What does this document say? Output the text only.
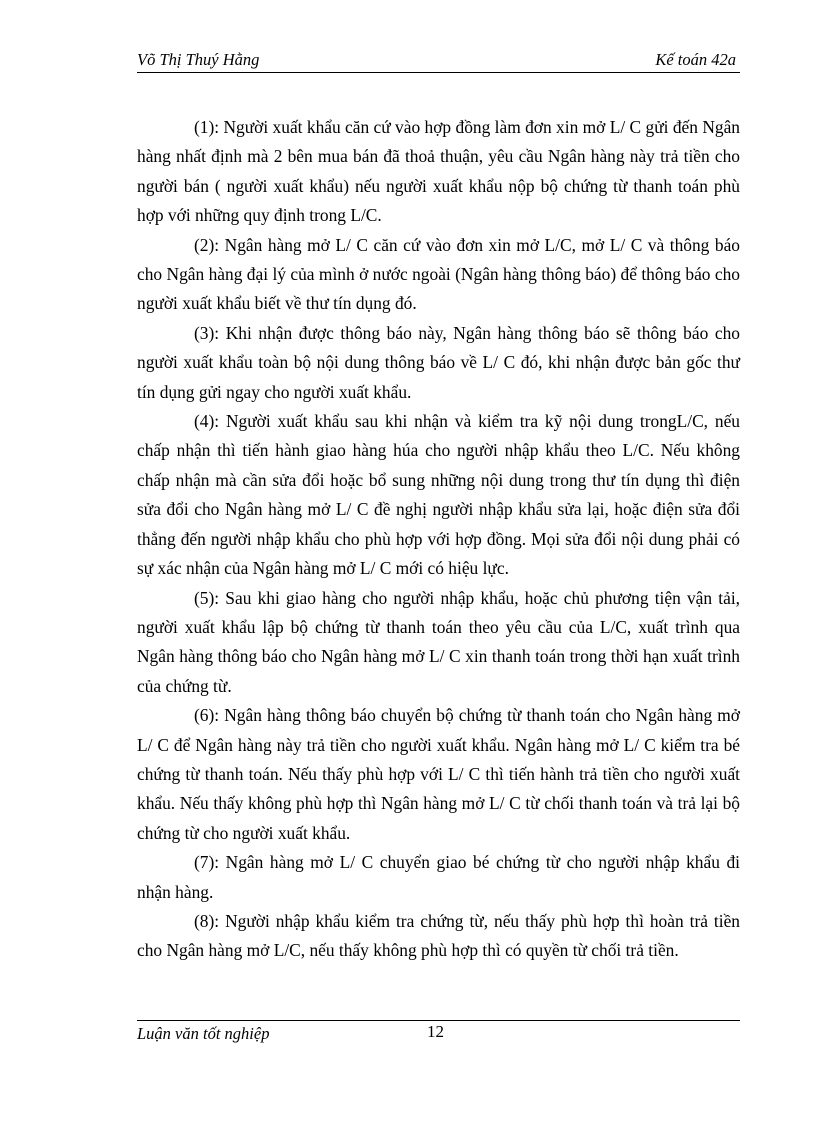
Võ Thị Thuý Hằng	Kế toán 42a

(1): Người xuất khẩu căn cứ vào hợp đồng làm đơn xin mở L/ C gửi đến Ngân hàng nhất định mà 2 bên mua bán đã thoả thuận, yêu cầu Ngân hàng này trả tiền cho người bán ( người xuất khẩu) nếu người xuất khẩu nộp bộ chứng từ thanh toán phù hợp với những quy định trong L/C.

(2): Ngân hàng mở L/ C căn cứ vào đơn xin mở L/C, mở L/ C và thông báo cho Ngân hàng đại lý của mình ở nước ngoài (Ngân hàng thông báo) để thông báo cho người xuất khẩu biết về thư tín dụng đó.

(3): Khi nhận được thông báo này, Ngân hàng thông báo sẽ thông báo cho người xuất khẩu toàn bộ nội dung thông báo về L/ C đó, khi nhận được bản gốc thư tín dụng gửi ngay cho người xuất khẩu.

(4): Người xuất khẩu sau khi nhận và kiểm tra kỹ nội dung trongL/C, nếu chấp nhận thì tiến hành giao hàng húa cho người nhập khẩu theo L/C. Nếu không chấp nhận mà cần sửa đổi hoặc bổ sung những nội dung trong thư tín dụng thì điện sửa đổi cho Ngân hàng mở L/ C đề nghị người nhập khẩu sửa lại, hoặc điện sửa đổi thẳng đến người nhập khẩu cho phù hợp với hợp đồng. Mọi sửa đổi nội dung phải có sự xác nhận của Ngân hàng mở L/ C mới có hiệu lực.

(5): Sau khi giao hàng cho người nhập khẩu, hoặc chủ phương tiện vận tải, người xuất khẩu lập bộ chứng từ thanh toán theo yêu cầu của L/C, xuất trình qua Ngân hàng thông báo cho Ngân hàng mở L/ C xin thanh toán trong thời hạn xuất trình của chứng từ.

(6): Ngân hàng thông báo chuyển bộ chứng từ thanh toán cho Ngân hàng mở L/ C để Ngân hàng này trả tiền cho người xuất khẩu. Ngân hàng mở L/ C kiểm tra bé chứng từ thanh toán. Nếu thấy phù hợp với L/ C thì tiến hành trả tiền cho người xuất khẩu. Nếu thấy không phù hợp thì Ngân hàng mở L/ C từ chối thanh toán và trả lại bộ chứng từ cho người xuất khẩu.

(7): Ngân hàng mở L/ C chuyển giao bé chứng từ cho người nhập khẩu đi nhận hàng.

(8): Người nhập khẩu kiểm tra chứng từ, nếu thấy phù hợp thì hoàn trả tiền cho Ngân hàng mở L/C, nếu thấy không phù hợp thì có quyền từ chối trả tiền.

Luận văn tốt nghiệp	12
